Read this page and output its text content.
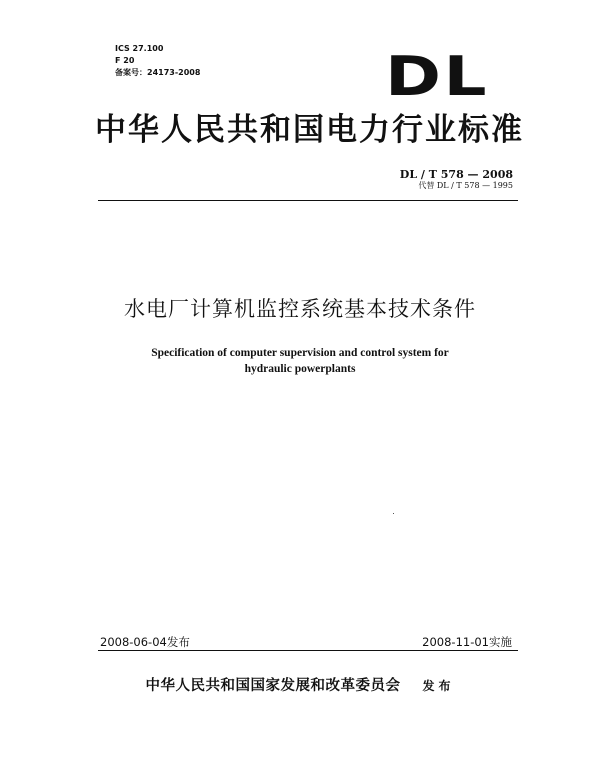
ICS 27.100
F 20
备案号：24173-2008	DL
中华人民共和国电力行业标准
DL / T 578 — 2008
代替 DL / T 578 — 1995
水电厂计算机监控系统基本技术条件
Specification of computer supervision and control system for
hydraulic powerplants
2008-06-04发布	2008-11-01实施
中华人民共和国国家发展和改革委员会 发布
